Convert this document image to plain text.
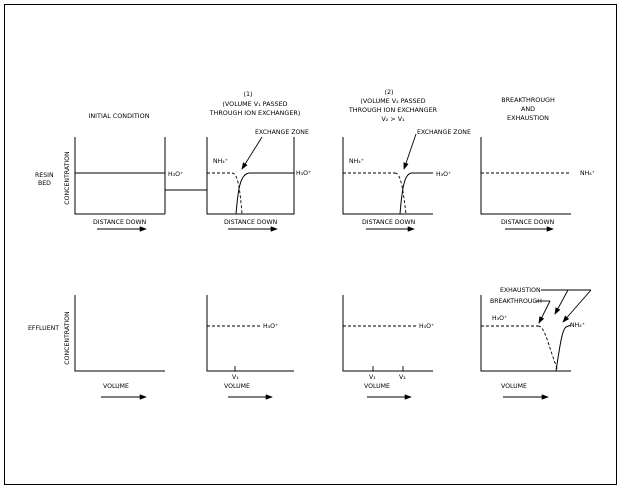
INITIAL CONDITION
(1)
(VOLUME V₁ PASSED
THROUGH ION EXCHANGER)
(2)
(VOLUME V₂ PASSED
THROUGH ION EXCHANGER
V₂ > V₁
BREAKTHROUGH
AND
EXHAUSTION
RESIN
BED
EFFLUENT
CONCENTRATION
CONCENTRATION
H₃O⁺
DISTANCE DOWN
NH₄⁺
H₃O⁺
EXCHANGE ZONE
DISTANCE DOWN
NH₄⁺
H₃O⁺
EXCHANGE ZONE
DISTANCE DOWN
NH₄⁺
DISTANCE DOWN
VOLUME
H₃O⁺
V₁
VOLUME
H₃O⁺
V₁	V₂
VOLUME
H₃O⁺
NH₄⁺
EXHAUSTION
BREAKTHROUGH
VOLUME
